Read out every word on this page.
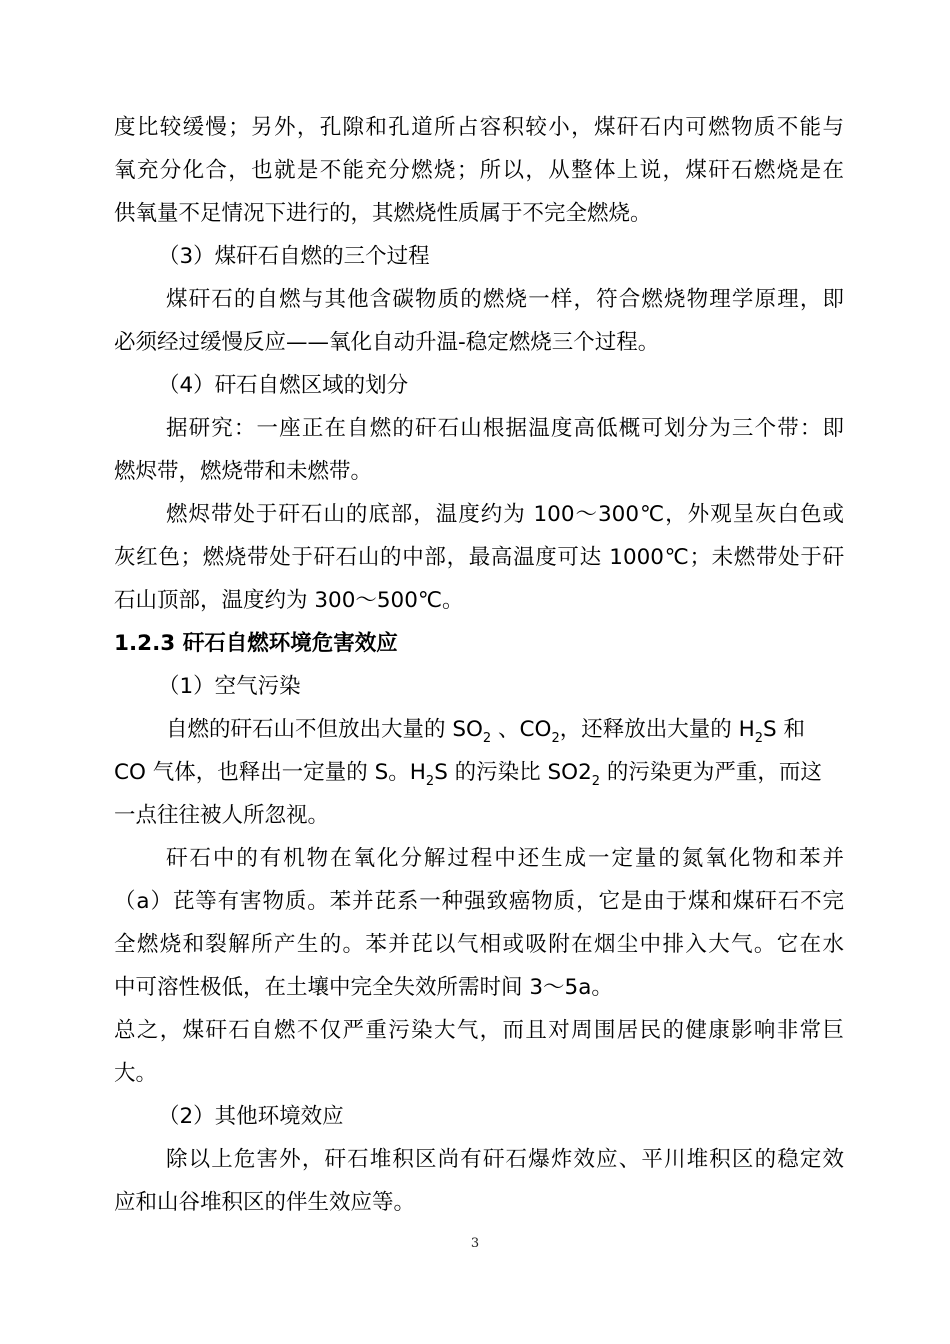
度比较缓慢；另外，孔隙和孔道所占容积较小，煤矸石内可燃物质不能与
氧充分化合，也就是不能充分燃烧；所以，从整体上说，煤矸石燃烧是在
供氧量不足情况下进行的，其燃烧性质属于不完全燃烧。
（3）煤矸石自燃的三个过程
煤矸石的自燃与其他含碳物质的燃烧一样，符合燃烧物理学原理，即
必须经过缓慢反应——氧化自动升温-稳定燃烧三个过程。
（4）矸石自燃区域的划分
据研究：一座正在自燃的矸石山根据温度高低概可划分为三个带：即
燃烬带，燃烧带和未燃带。
燃烬带处于矸石山的底部，温度约为 100～300℃，外观呈灰白色或
灰红色；燃烧带处于矸石山的中部，最高温度可达 1000℃；未燃带处于矸
石山顶部，温度约为 300～500℃。
1.2.3 矸石自燃环境危害效应
（1）空气污染
自燃的矸石山不但放出大量的 $SO_2$ 、$CO_2$，还释放出大量的 $H_2S$ 和
CO 气体，也释出一定量的 S。$H_2S$ 的污染比 $SO2_2$ 的污染更为严重，而这
一点往往被人所忽视。
矸石中的有机物在氧化分解过程中还生成一定量的氮氧化物和苯并
（a）芘等有害物质。苯并芘系一种强致癌物质，它是由于煤和煤矸石不完
全燃烧和裂解所产生的。苯并芘以气相或吸附在烟尘中排入大气。它在水
中可溶性极低，在土壤中完全失效所需时间 3～5a。
总之，煤矸石自燃不仅严重污染大气，而且对周围居民的健康影响非常巨
大。
（2）其他环境效应
除以上危害外，矸石堆积区尚有矸石爆炸效应、平川堆积区的稳定效
应和山谷堆积区的伴生效应等。
3
